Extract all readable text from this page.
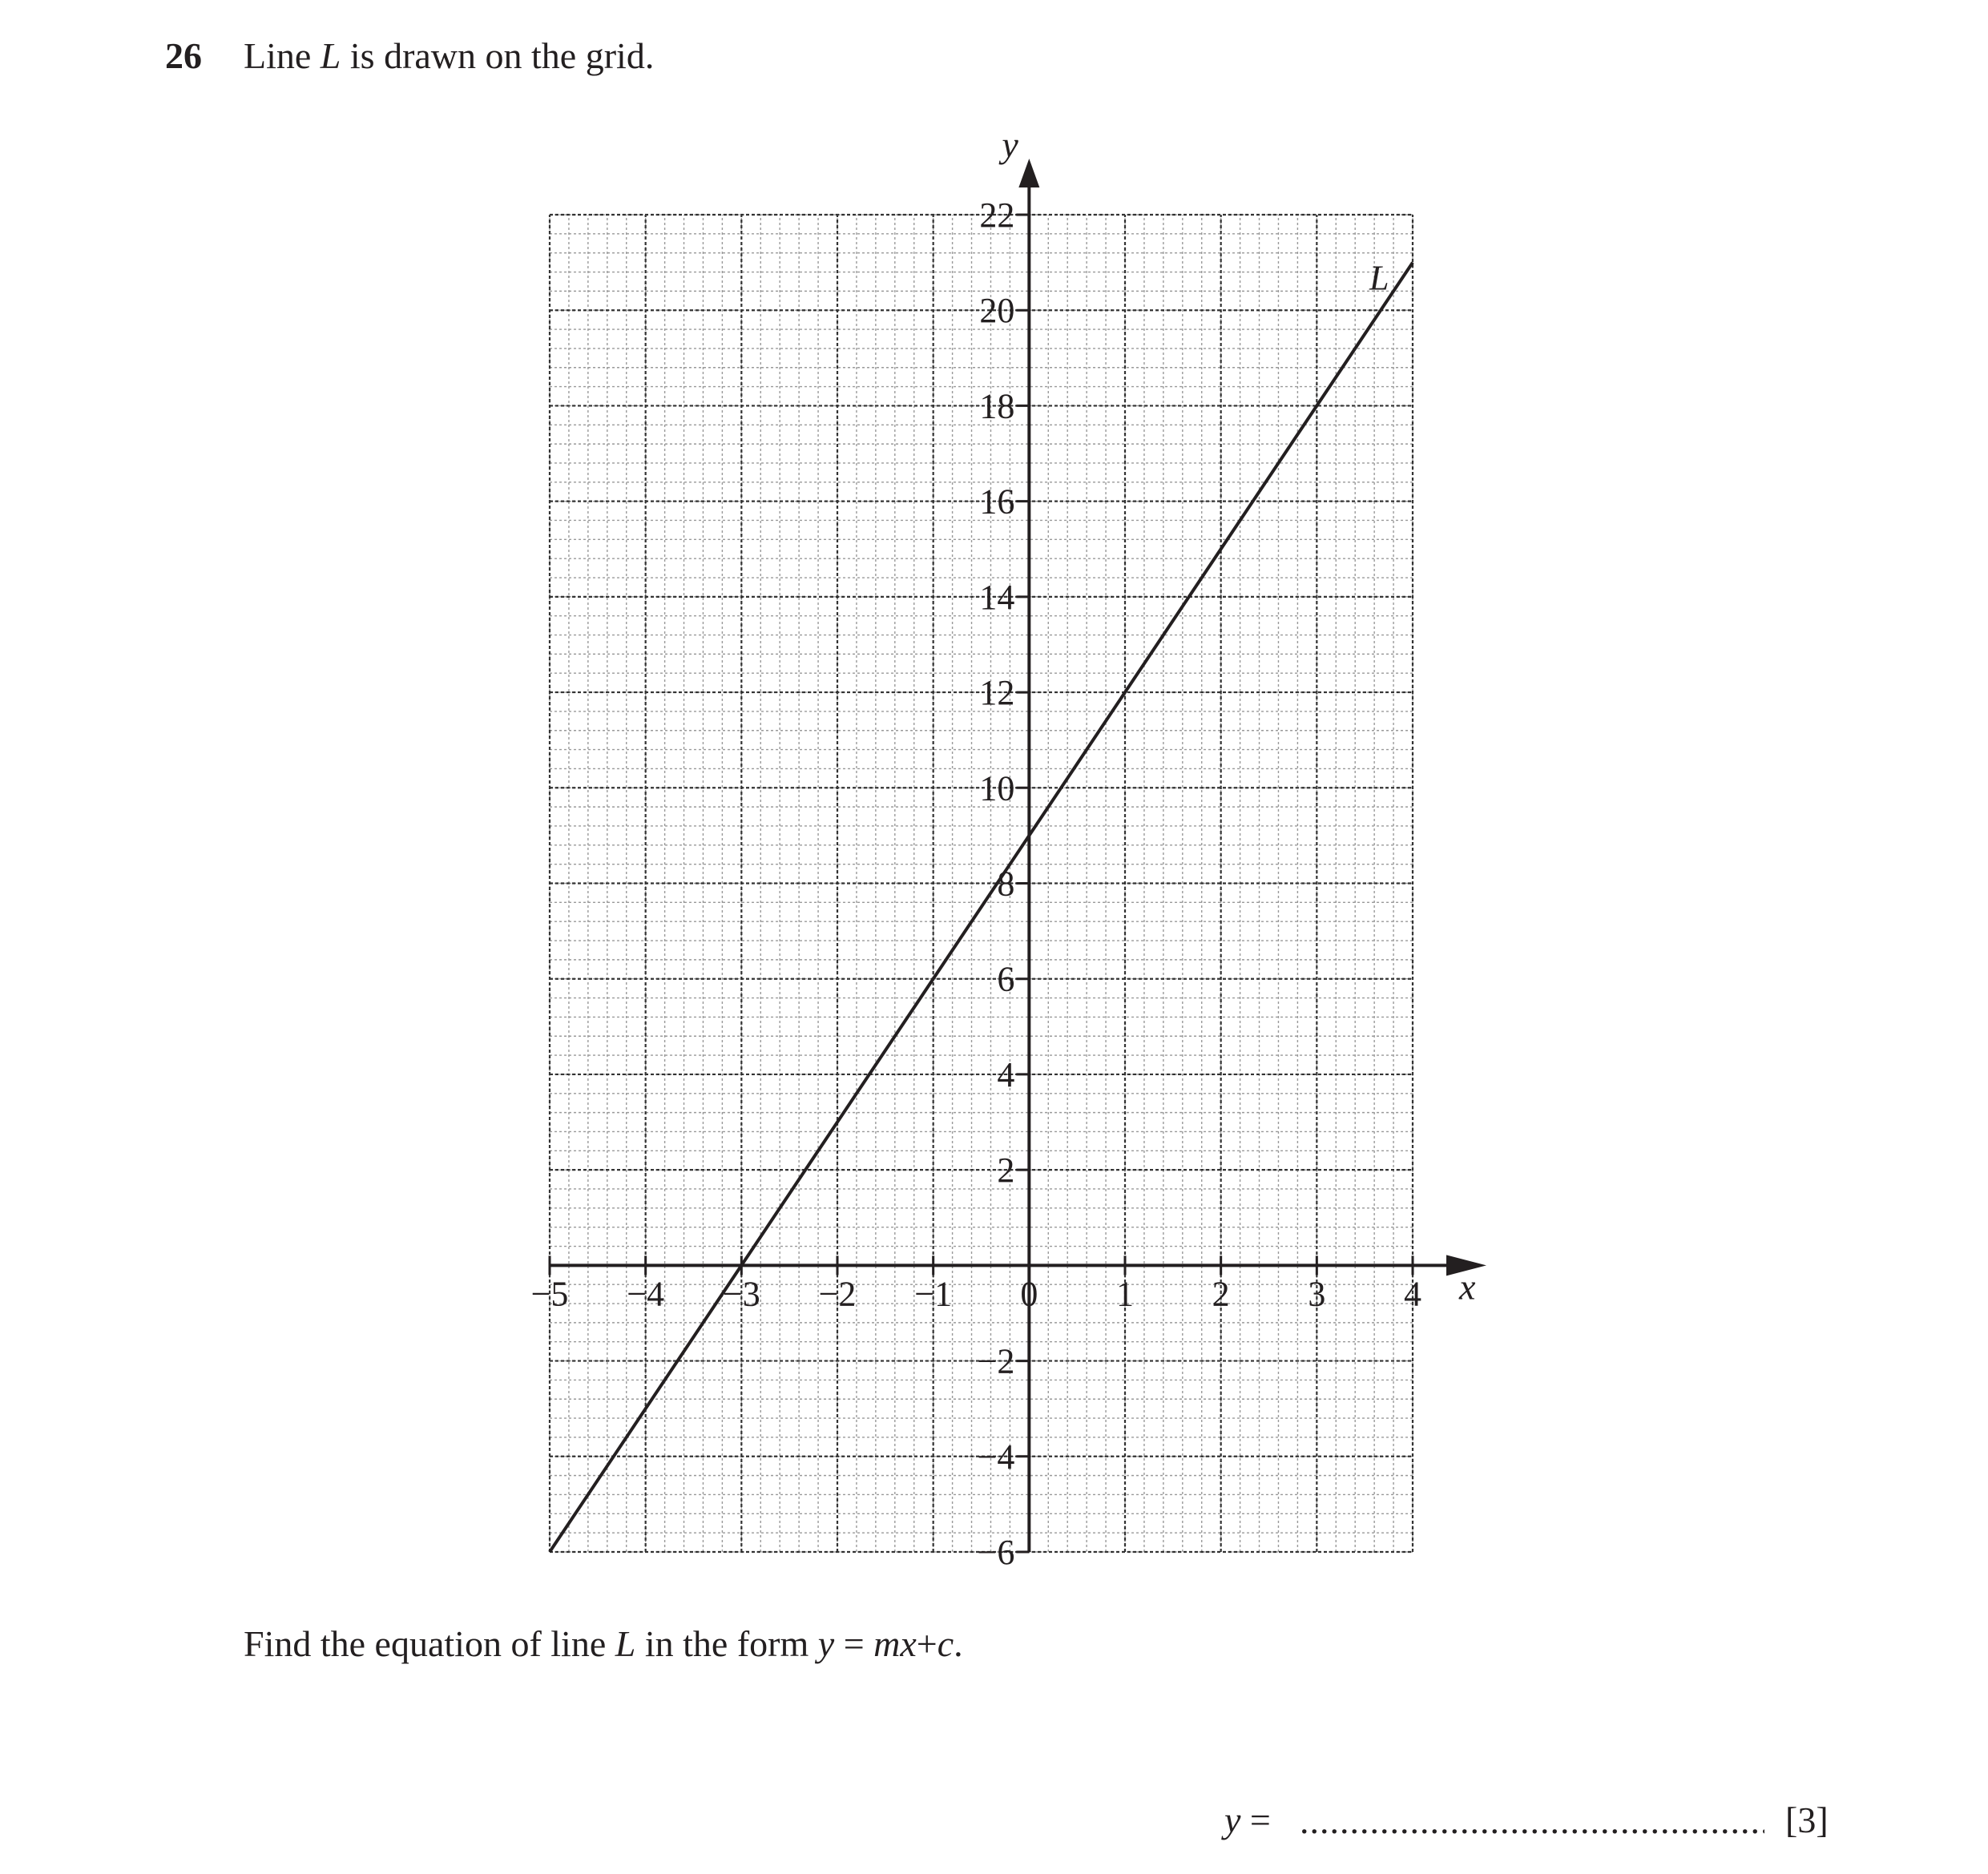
26 Line L is drawn on the grid.
x
y
−5 −4 −3 −2 −1 0 1 2 3 4
−6
−4
−2
2
4
6
8
10
12
14
16
18
20
22
L
Find the equation of line L in the form y = mx+c.
y =
........................................................	[3]
